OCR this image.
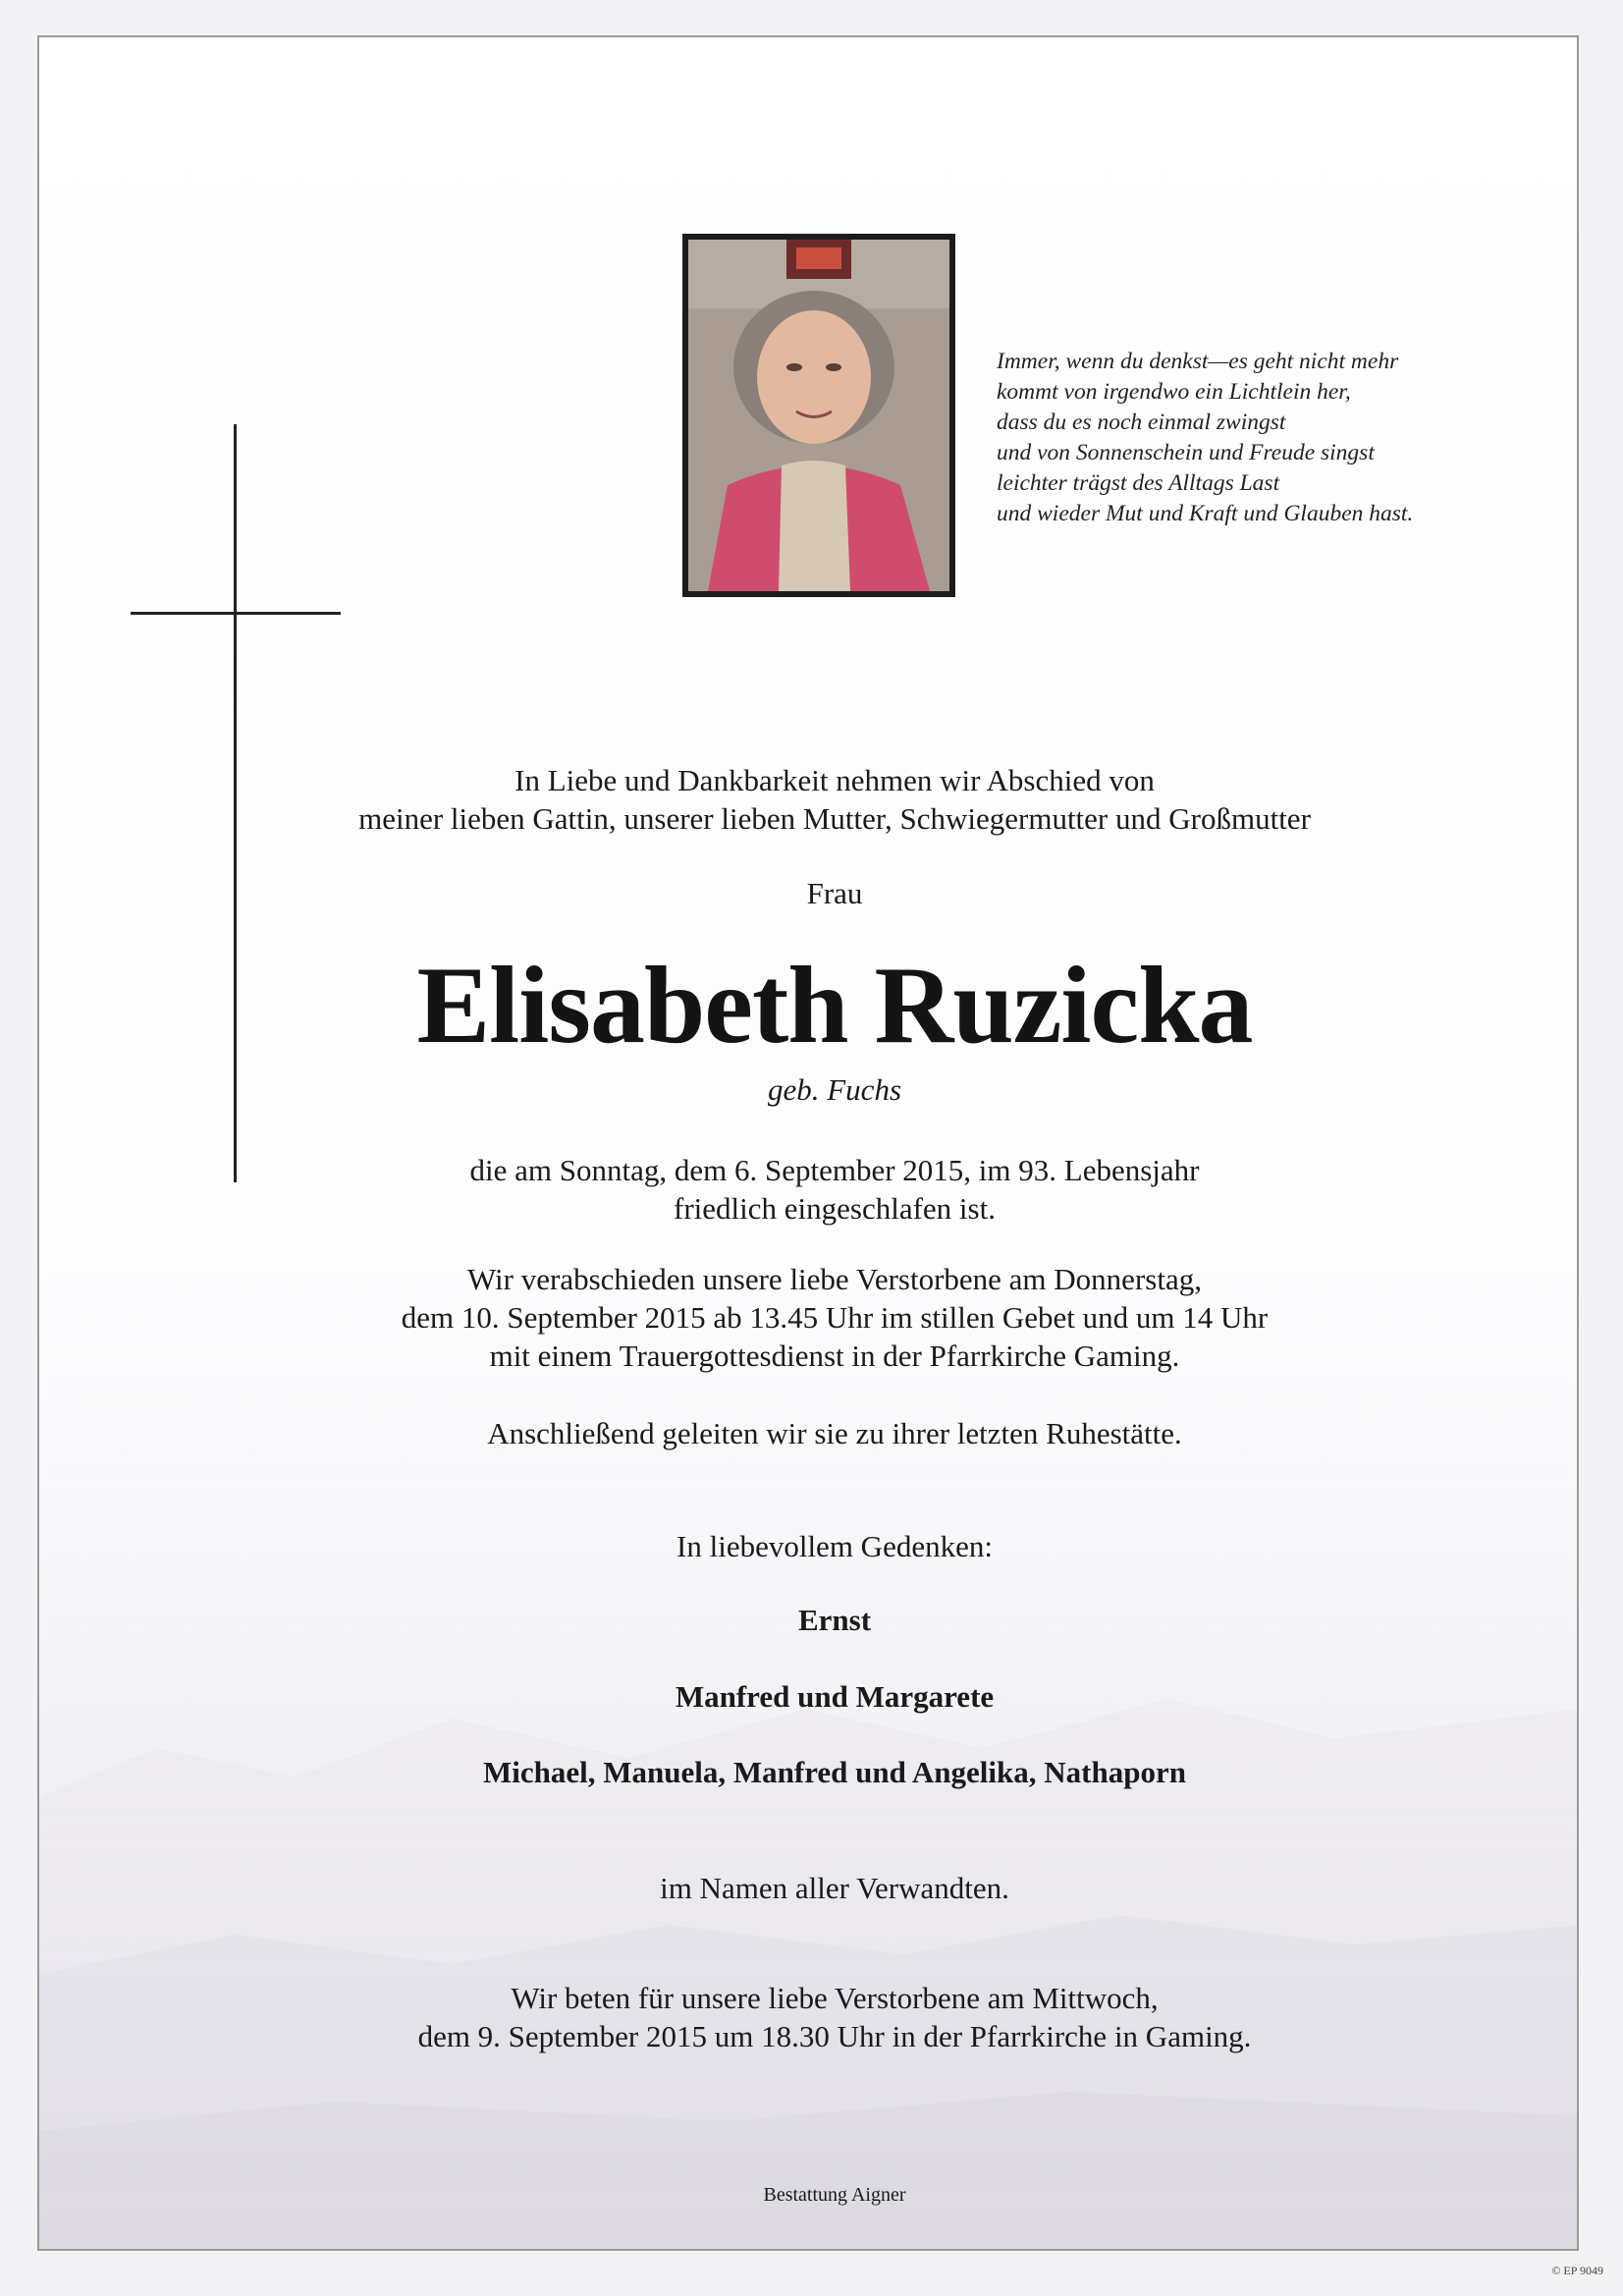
Immer, wenn du denkst—es geht nicht mehr
kommt von irgendwo ein Lichtlein her,
dass du es noch einmal zwingst
und von Sonnenschein und Freude singst
leichter trägst des Alltags Last
und wieder Mut und Kraft und Glauben hast.
In Liebe und Dankbarkeit nehmen wir Abschied von
meiner lieben Gattin, unserer lieben Mutter, Schwiegermutter und Großmutter
Frau
Elisabeth Ruzicka
geb. Fuchs
die am Sonntag, dem 6. September 2015, im 93. Lebensjahr
friedlich eingeschlafen ist.
Wir verabschieden unsere liebe Verstorbene am Donnerstag,
dem 10. September 2015 ab 13.45 Uhr im stillen Gebet und um 14 Uhr
mit einem Trauergottesdienst in der Pfarrkirche Gaming.
Anschließend geleiten wir sie zu ihrer letzten Ruhestätte.
In liebevollem Gedenken:
Ernst
Manfred und Margarete
Michael, Manuela, Manfred und Angelika, Nathaporn
im Namen aller Verwandten.
Wir beten für unsere liebe Verstorbene am Mittwoch,
dem 9. September 2015 um 18.30 Uhr in der Pfarrkirche in Gaming.
Bestattung Aigner
© EP 9049
